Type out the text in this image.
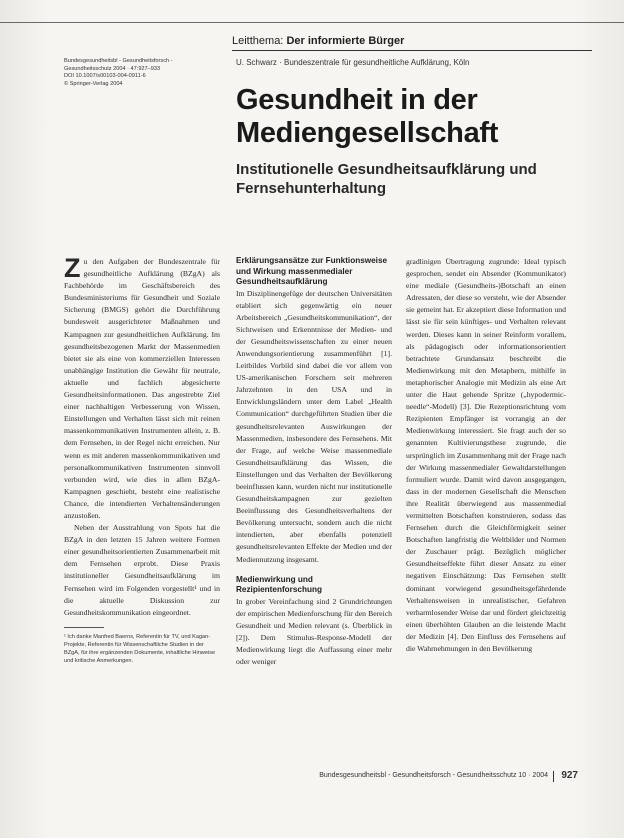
Leitthema: Der informierte Bürger
Bundesgesundheitsbl - Gesundheitsforsch -
Gesundheitsschutz 2004 · 47:927–933
DOI 10.1007/s00103-004-0911-6
© Springer-Verlag 2004
U. Schwarz · Bundeszentrale für gesundheitliche Aufklärung, Köln
Gesundheit in der Mediengesellschaft
Institutionelle Gesundheitsaufklärung und Fernsehunterhaltung

Zu den Aufgaben der Bundeszentrale für gesundheitliche Aufklärung (BZgA) als Fachbehörde im Geschäftsbereich des Bundesministeriums für Gesundheit und Soziale Sicherung (BMGS) gehört die Durchführung bundesweit ausgerichteter Maßnahmen und Kampagnen zur gesundheitlichen Aufklärung. Im gesundheitsbezogenen Markt der Massenmedien bietet sie als eine von kommerziellen Interessen unabhängige Institution die Gewähr für neutrale, aktuelle und fachlich abgesicherte Gesundheitsinformationen. Das angestrebte Ziel einer nachhaltigen Verbesserung von Wissen, Einstellungen und Verhalten lässt sich mit reinen massenkommunikativen Instrumenten allein, z. B. dem Fernsehen, in der Regel nicht erreichen. Nur wenn es mit anderen massenkommunikativen und personalkommunikativen Instrumenten sinnvoll verbunden wird, wie dies in allen BZgA-Kampagnen geschieht, besteht eine realistische Chance, die intendierten Verhaltensänderungen anzustoßen.

Neben der Ausstrahlung von Spots hat die BZgA in den letzten 15 Jahren weitere Formen einer gesundheitsorientierten Zusammenarbeit mit dem Fernsehen erprobt. Diese Praxis institutioneller Gesundheitsaufklärung im Fernsehen wird im Folgenden vorgestellt¹ und in die aktuelle Diskussion zur Gesundheitskommunikation eingeordnet.

¹ Ich danke Manfred Baerns, Referentin für TV, und Kagan-Projekte, Referentin für Wissenschaftliche Studien in der BZgA, für ihre ergänzenden Dokumente, inhaltliche Hinweise und kritische Anmerkungen.

Erklärungsansätze zur Funktionsweise und Wirkung massenmedialer Gesundheitsaufklärung

Im Disziplinengefüge der deutschen Universitäten etabliert sich gegenwärtig ein neuer Arbeitsbereich „Gesundheitskommunikation“, der Sichtweisen und Erkenntnisse der Medien- und der Gesundheitswissenschaften zu einer neuen Anwendungsorientierung zusammenführt [1]. Leitbildes Vorbild sind dabei die vor allem von US-amerikanischen Forschern seit mehreren Jahrzehnten in den USA und in Entwicklungsländern unter dem Label „Health Communication“ durchgeführten Studien über die gesundheitsrelevanten Auswirkungen der Massenmedien, insbesondere des Fernsehens. Mit der Frage, auf welche Weise massenmediale Gesundheitsaufklärung das Wissen, die Einstellungen und das Verhalten der Bevölkerung beeinflussen kann, wurden nicht nur institutionelle Gesundheitskampagnen zur gezielten Beeinflussung des Gesundheitsverhaltens der Bevölkerung untersucht, sondern auch die nicht intendierten, aber ebenfalls potenziell gesundheitsrelevanten Effekte der Medien und der Mediennutzung insgesamt.

Medienwirkung und Rezipientenforschung

In grober Vereinfachung sind 2 Grundrichtungen der empirischen Medienforschung für den Bereich Gesundheit und Medien relevant (s. Überblick in [2]). Dem Stimulus-Response-Modell der Medienwirkung liegt die Auffassung einer mehr oder weniger

gradlinigen Übertragung zugrunde: Ideal typisch gesprochen, sendet ein Absender (Kommunikator) eine mediale (Gesundheits-)Botschaft an einen Adressaten, der diese so versteht, wie der Absender sie gemeint hat. Er akzeptiert diese Information und lässt sie für sein künftiges- und Verhalten relevant werden. Dieses kann in seiner Reinform vorallem, als pädagogisch oder informationsorientiert betrachtete Grundansatz beschreibt die Medienwirkung mit den Metaphern, mithilfe in metaphorischer Analogie mit Medizin als eine Art unter die Haut gehende Spritze („hypodermic-needle“-Modell) [3]. Die Rezeptionsrichtung vom Rezipienten Empfänger ist vorrangig an der Medienwirkung interessiert. Sie fragt auch der so genannten Kultivierungsthese zugrunde, die ursprünglich im Zusammenhang mit der Frage nach der Wirkung massenmedialer Gewaltdarstellungen formuliert wurde. Damit wird davon ausgegangen, dass in der modernen Gesellschaft die Menschen ihre Realität überwiegend aus massenmedial vermittelten Botschaften konstruieren, sodass das Fernsehen durch die Gleichförmigkeit seiner Botschaften langfristig die Weltbilder und Normen der Zuschauer prägt. Bezüglich möglicher Gesundheitseffekte führt dieser Ansatz zu einer negativen Einschätzung: Das Fernsehen stellt dominant vorwiegend gesundheitsgefährdende Verhaltensweisen in unrealistischer, Gefahren verharmlosender Weise dar und fördert gleichzeitig einen überhöhten Glauben an die leistende Macht der Medizin [4]. Den Einfluss des Fernsehens auf die Wahrnehmungen in den Bevölkerung

Bundesgesundheitsbl - Gesundheitsforsch - Gesundheitsschutz 10 · 2004 927
